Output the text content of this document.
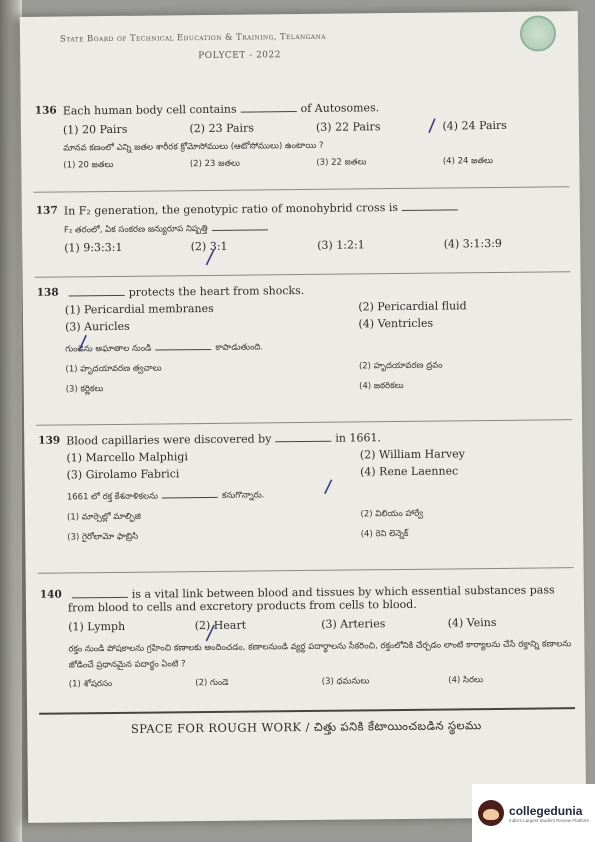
State Board of Technical Education & Training, Telangana
POLYCET - 2022
136 Each human body cell contains	of Autosomes.
(1) 20 Pairs	(2) 23 Pairs	(3) 22 Pairs	(4) 24 Pairs
మానవ కణంలో ఎన్ని జతల శారీరక క్రోమోసోములు (ఆటోసోములు) ఉంటాయి ?
(1) 20 జతలు	(2) 23 జతలు	(3) 22 జతలు	(4) 24 జతలు
137 In F₂ generation, the genotypic ratio of monohybrid cross is
F₂ తరంలో, ఏక సంకరణ జన్యురూప నిష్పత్తి
(1) 9:3:3:1	(2) 3:1	(3) 1:2:1	(4) 3:1:3:9
138	protects the heart from shocks.
(1) Pericardial membranes	(2) Pericardial fluid
(3) Auricles	(4) Ventricles
గుండెను అఘాతాల నుండి	కాపాడుతుంది.
(1) హృదయావరణ త్వచాలు	(2) హృదయావరణ ద్రవం
(3) కర్ణికలు	(4) జఠరికలు
139 Blood capillaries were discovered by	in 1661.
(1) Marcello Malphigi	(2) William Harvey
(3) Girolamo Fabrici	(4) Rene Laennec
1661 లో రక్త కేశనాళికలను	కనుగొన్నారు.
(1) మార్సెల్లో మాల్ఫిజి	(2) విలియం హార్వే
(3) గైరోలామో ఫాబ్రిసి	(4) రెని లెన్నెక్
140	is a vital link between blood and tissues by which essential substances pass from blood to cells and excretory products from cells to blood.
(1) Lymph	(2) Heart	(3) Arteries	(4) Veins
రక్తం నుండి పోషకాలను గ్రహించి కణాలకు అందించడం, కణాలనుండి వ్యర్థ పదార్థాలను సేకరించి, రక్తంలోనికి చేర్చడం లాంటి కార్యాలను చేసే రక్తాన్ని కణాలను జోడించే ప్రధానమైన పదార్థం ఏంటి ?
(1) శోషరసం	(2) గుండె	(3) ధమనులు	(4) సిరలు
SPACE FOR ROUGH WORK / చిత్తు పనికి కేటాయించబడిన స్థలము
collegedunia
India's Largest Student Review Platform
